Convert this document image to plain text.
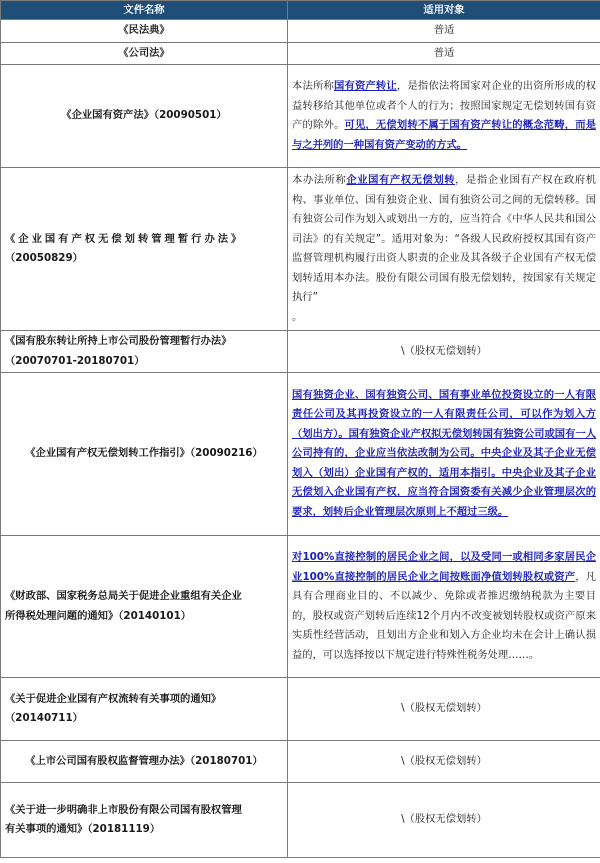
文件名称	适用对象
《民法典》	普适
《公司法》	普适
《企业国有资产法》（20090501）	本法所称国有资产转让，是指依法将国家对企业的出资所形成的权益转移给其他单位或者个人的行为；按照国家规定无偿划转国有资产的除外。可见，无偿划转不属于国有资产转让的概念范畴，而是与之并列的一种国有资产变动的方式。
《企业国有产权无偿划转管理暂行办法》
（20050829）	本办法所称企业国有产权无偿划转，是指企业国有产权在政府机构、事业单位、国有独资企业、国有独资公司之间的无偿转移。国有独资公司作为划入或划出一方的，应当符合《中华人民共和国公司法》的有关规定”。适用对象为：“各级人民政府授权其国有资产监督管理机构履行出资人职责的企业及其各级子企业国有产权无偿划转适用本办法。股份有限公司国有股无偿划转，按国家有关规定执行”
。
《国有股东转让所持上市公司股份管理暂行办法》
（20070701-20180701）	\（股权无偿划转）
《企业国有产权无偿划转工作指引》（20090216）	国有独资企业、国有独资公司、国有事业单位投资设立的一人有限责任公司及其再投资设立的一人有限责任公司，可以作为划入方（划出方）。国有独资企业产权拟无偿划转国有独资公司或国有一人公司持有的，企业应当依法改制为公司。中央企业及其子企业无偿划入（划出）企业国有产权的，适用本指引。中央企业及其子企业无偿划入企业国有产权，应当符合国资委有关减少企业管理层次的要求，划转后企业管理层次原则上不超过三级。
《财政部、国家税务总局关于促进企业重组有关企业
所得税处理问题的通知》（20140101）	对100%直接控制的居民企业之间，以及受同一或相同多家居民企业100%直接控制的居民企业之间按账面净值划转股权或资产，凡具有合理商业目的、不以减少、免除或者推迟缴纳税款为主要目的，股权或资产划转后连续12个月内不改变被划转股权或资产原来实质性经营活动，且划出方企业和划入方企业均未在会计上确认损益的，可以选择按以下规定进行特殊性税务处理……。
《关于促进企业国有产权流转有关事项的通知》
（20140711）	\（股权无偿划转）
《上市公司国有股权监督管理办法》（20180701）	\（股权无偿划转）
《关于进一步明确非上市股份有限公司国有股权管理
有关事项的通知》（20181119）	\（股权无偿划转）
